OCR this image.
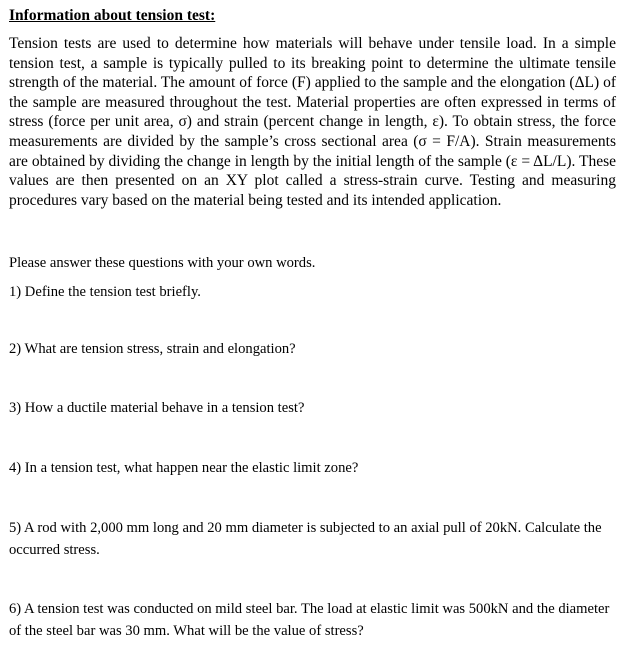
Information about tension test:

Tension tests are used to determine how materials will behave under tensile load. In a simple tension test, a sample is typically pulled to its breaking point to determine the ultimate tensile strength of the material. The amount of force (F) applied to the sample and the elongation (ΔL) of the sample are measured throughout the test. Material properties are often expressed in terms of stress (force per unit area, σ) and strain (percent change in length, ε). To obtain stress, the force measurements are divided by the sample’s cross sectional area (σ = F/A). Strain measurements are obtained by dividing the change in length by the initial length of the sample (ε = ΔL/L). These values are then presented on an XY plot called a stress-strain curve. Testing and measuring procedures vary based on the material being tested and its intended application.

Please answer these questions with your own words.

1) Define the tension test briefly.

2) What are tension stress, strain and elongation?

3) How a ductile material behave in a tension test?

4) In a tension test, what happen near the elastic limit zone?

5) A rod with 2,000 mm long and 20 mm diameter is subjected to an axial pull of 20kN. Calculate the occurred stress.

6) A tension test was conducted on mild steel bar. The load at elastic limit was 500kN and the diameter of the steel bar was 30 mm. What will be the value of stress?
